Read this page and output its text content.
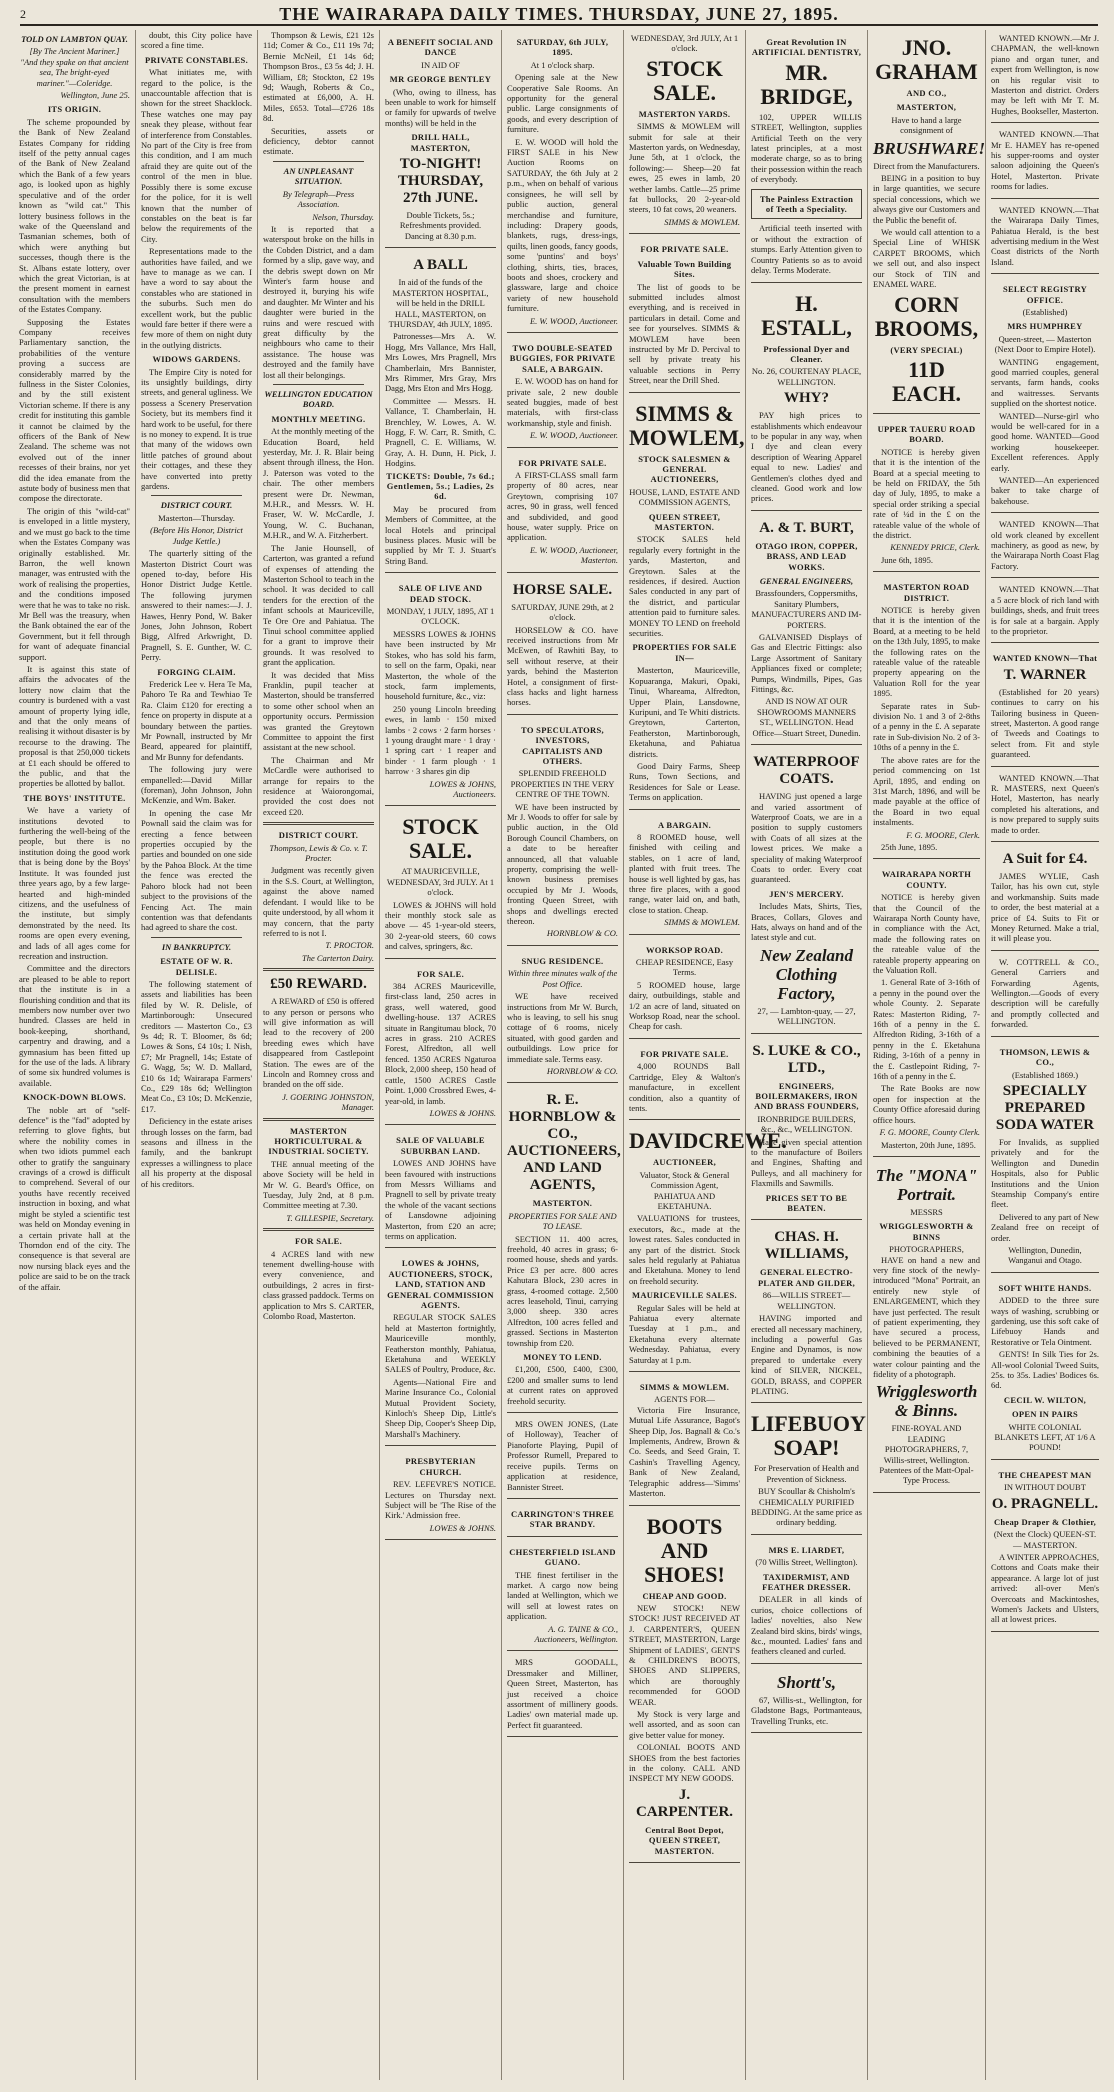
2	THE WAIRARAPA DAILY TIMES. THURSDAY, JUNE 27, 1895.
TOLD ON LAMBTON QUAY.
[By The Ancient Mariner.]

"And they spake on that ancient sea, The bright-eyed mariner."—Coleridge.

Wellington, June 25.

ITS ORIGIN.

The scheme propounded by the Bank of New Zealand Estates Company for ridding itself of the petty annual cages of the Bank of New Zealand which the Bank of a few years ago, is looked upon as highly speculative and of the order known as "wild cat." This lottery business follows in the wake of the Queensland and Tasmanian schemes, both of which were anything but successes, though there is the St. Albans estate lottery, over which the great Victorian, is at the present moment in earnest consultation with the members of the Estates Company.

Supposing the Estates Company receives Parliamentary sanction, the probabilities of the venture proving a success are considerably marred by the fullness in the Sister Colonies, and by the still existent Victorian scheme. If there is any credit for instituting this gamble it cannot be claimed by the officers of the Bank of New Zealand. The scheme was not evolved out of the inner recesses of their brains, nor yet did the idea emanate from the astute body of business men that compose the directorate.

The origin of this "wild-cat" is enveloped in a little mystery, and we must go back to the time when the Estates Company was originally established. Mr. Barron, the well known manager, was entrusted with the work of realising the properties, and the conditions imposed were that he was to take no risk. Mr Bell was the treasury, when the Bank obtained the ear of the Government, but it fell through for want of adequate financial support.

It is against this state of affairs the advocates of the lottery now claim that the country is burdened with a vast amount of property lying idle, and that the only means of realising it without disaster is by recourse to the drawing. The proposal is that 250,000 tickets at £1 each should be offered to the public, and that the properties be allotted by ballot.

THE BOYS' INSTITUTE.

We have a variety of institutions devoted to furthering the well-being of the people, but there is no institution doing the good work that is being done by the Boys' Institute. It was founded just three years ago, by a few large-hearted and high-minded citizens, and the usefulness of the institute, but simply demonstrated by the need. Its rooms are open every evening, and lads of all ages come for recreation and instruction.

Committee and the directors are pleased to be able to report that the institute is in a flourishing condition and that its members now number over two hundred. Classes are held in book-keeping, shorthand, carpentry and drawing, and a gymnasium has been fitted up for the use of the lads. A library of some six hundred volumes is available.

KNOCK-DOWN BLOWS.

The noble art of "self-defence" is the "fad" adopted by referring to glove fights, but where the nobility comes in when two idiots pummel each other to gratify the sanguinary cravings of a crowd is difficult to comprehend. Several of our youths have recently received instruction in boxing, and what might be styled a scientific test was held on Monday evening in a certain private hall at the Thorndon end of the city. The consequence is that several are now nursing black eyes and the police are said to be on the track of the affair.

doubt, this City police have scored a fine time.

PRIVATE CONSTABLES.

What initiates me, with regard to the police, is the unaccountable affection that is shown for the street Shacklock. These watches one may pay sneak they please, without fear of interference from Constables. No part of the City is free from this condition, and I am much afraid they are quite out of the control of the men in blue. Possibly there is some excuse for the police, for it is well known that the number of constables on the beat is far below the requirements of the City.

Representations made to the authorities have failed, and we have to manage as we can. I have a word to say about the constables who are stationed in the suburbs. Such men do excellent work, but the public would fare better if there were a few more of them on night duty in the outlying districts.

WIDOWS GARDENS.

The Empire City is noted for its unsightly buildings, dirty streets, and general ugliness. We possess a Scenery Preservation Society, but its members find it hard work to be useful, for there is no money to expend. It is true that many of the widows own little patches of ground about their cottages, and these they have converted into pretty gardens.

DISTRICT COURT.

Masterton—Thursday.

(Before His Honor, District Judge Kettle.)

The quarterly sitting of the Masterton District Court was opened to-day, before His Honor District Judge Kettle. The following jurymen answered to their names:—J. J. Hawes, Henry Pond, W. Baker Jones, John Johnson, Robert Bigg, Alfred Arkwright, D. Pragnell, S. E. Gunther, W. C. Perry.

FORGING CLAIM.

Frederick Lee v. Hera Te Ma, Pahoro Te Ra and Tewhiao Te Ra. Claim £120 for erecting a fence on property in dispute at a boundary between the parties. Mr Pownall, instructed by Mr Beard, appeared for plaintiff, and Mr Bunny for defendants.

The following jury were empanelled:—David Millar (foreman), John Johnson, John McKenzie, and Wm. Baker.

In opening the case Mr Pownall said the claim was for erecting a fence between properties occupied by the parties and bounded on one side by the Pahoa Block. At the time the fence was erected the Pahoro block had not been subject to the provisions of the Fencing Act. The main contention was that defendants had agreed to share the cost.

IN BANKRUPTCY.
ESTATE OF W. R. DELISLE.

The following statement of assets and liabilities has been filed by W. R. Delisle, of Martinborough: Unsecured creditors — Masterton Co., £3 9s 4d; R. T. Bloomer, 8s 6d; Lowes & Sons, £4 10s; I. Nish, £7; Mr Pragnell, 14s; Estate of G. Wagg, 5s; W. D. Mallard, £10 6s 1d; Wairarapa Farmers' Co., £29 18s 6d; Wellington Meat Co., £3 10s; D. McKenzie, £17.

Deficiency in the estate arises through losses on the farm, bad seasons and illness in the family, and the bankrupt expresses a willingness to place all his property at the disposal of his creditors.

Thompson & Lewis, £21 12s 11d; Comer & Co., £11 19s 7d; Bernie McNeil, £1 14s 6d; Thompson Bros., £3 5s 4d; J. H. William, £8; Stockton, £2 19s 9d; Waugh, Roberts & Co., estimated at £6,000, A. H. Miles, £653. Total—£726 18s 8d.

Securities, assets or deficiency, debtor cannot estimate.

AN UNPLEASANT SITUATION.

By Telegraph—Press Association.

Nelson, Thursday.

It is reported that a waterspout broke on the hills in the Cobden District, and a dam formed by a slip, gave way, and the debris swept down on Mr Winter's farm house and destroyed it, burying his wife and daughter. Mr Winter and his daughter were buried in the ruins and were rescued with great difficulty by the neighbours who came to their assistance. The house was destroyed and the family have lost all their belongings.

WELLINGTON EDUCATION BOARD.
MONTHLY MEETING.

At the monthly meeting of the Education Board, held yesterday, Mr. J. R. Blair being absent through illness, the Hon. J. Paterson was voted to the chair. The other members present were Dr. Newman, M.H.R., and Messrs. W. H. Fraser, W. W. McCardle, J. Young, W. C. Buchanan, M.H.R., and W. A. Fitzherbert.

The Janie Hounsell, of Carterton, was granted a refund of expenses of attending the Masterton School to teach in the school. It was decided to call tenders for the erection of the infant schools at Mauriceville, Te Ore Ore and Pahiatua. The Tinui school committee applied for a grant to improve their grounds. It was resolved to grant the application.

It was decided that Miss Franklin, pupil teacher at Masterton, should be transferred to some other school when an opportunity occurs. Permission was granted the Greytown Committee to appoint the first assistant at the new school.

The Chairman and Mr McCardle were authorised to arrange for repairs to the residence at Waiorongomai, provided the cost does not exceed £20.

DISTRICT COURT.

Thompson, Lewis & Co. v. T. Procter.

Judgment was recently given in the S.S. Court, at Wellington, against the above named defendant. I would like to be quite understood, by all whom it may concern, that the party referred to is not I.

T. PROCTOR.

The Carterton Dairy.

£50 REWARD.

A REWARD of £50 is offered to any person or persons who will give information as will lead to the recovery of 200 breeding ewes which have disappeared from Castlepoint Station. The ewes are of the Lincoln and Romney cross and branded on the off side.

J. GOERING JOHNSTON, Manager.

MASTERTON HORTICULTURAL & INDUSTRIAL SOCIETY.

THE annual meeting of the above Society will be held in Mr W. G. Beard's Office, on Tuesday, July 2nd, at 8 p.m. Committee meeting at 7.30.

T. GILLESPIE, Secretary.

FOR SALE.

4 ACRES land with new tenement dwelling-house with every convenience, and outbuildings, 2 acres in first-class grassed paddock. Terms on application to Mrs S. CARTER, Colombo Road, Masterton.

A BENEFIT SOCIAL AND DANCE
IN AID OF
MR GEORGE BENTLEY

(Who, owing to illness, has been unable to work for himself or family for upwards of twelve months) will be held in the

DRILL HALL, MASTERTON,
TO-NIGHT! THURSDAY, 27th JUNE.

Double Tickets, 5s.; Refreshments provided. Dancing at 8.30 p.m.

A BALL

In aid of the funds of the MASTERTON HOSPITAL, will be held in the DRILL HALL, MASTERTON, on THURSDAY, 4th JULY, 1895.

Patronesses—Mrs A. W. Hogg, Mrs Vallance, Mrs Hall, Mrs Lowes, Mrs Pragnell, Mrs Chamberlain, Mrs Bannister, Mrs Rimmer, Mrs Gray, Mrs Dagg, Mrs Eton and Mrs Hogg.

Committee — Messrs. H. Vallance, T. Chamberlain, H. Brenchley, W. Lowes, A. W. Hogg, F. W. Carr, R. Smith, C. Pragnell, C. E. Williams, W. Gray, A. H. Dunn, H. Pick, J. Hodgins.

TICKETS: Double, 7s 6d.; Gentlemen, 5s.; Ladies, 2s 6d.

May be procured from Members of Committee, at the local Hotels and principal business places. Music will be supplied by Mr T. J. Stuart's String Band.

SALE OF LIVE AND DEAD STOCK.

MONDAY, 1 JULY, 1895, AT 1 O'CLOCK.

MESSRS LOWES & JOHNS have been instructed by Mr Stokes, who has sold his farm, to sell on the farm, Opaki, near Masterton, the whole of the stock, farm implements, household furniture, &c., viz:

250 young Lincoln breeding ewes, in lamb · 150 mixed lambs · 2 cows · 2 farm horses · 1 young draught mare · 1 dray · 1 spring cart · 1 reaper and binder · 1 farm plough · 1 harrow · 3 shares gin dip

LOWES & JOHNS, Auctioneers.

STOCK SALE.

AT MAURICEVILLE, WEDNESDAY, 3rd JULY. At 1 o'clock.

LOWES & JOHNS will hold their monthly stock sale as above — 45 1-year-old steers, 30 2-year-old steers, 60 cows and calves, springers, &c.

FOR SALE.

384 ACRES Mauriceville, first-class land, 250 acres in grass, well watered, good dwelling-house. 137 ACRES situate in Rangitumau block, 70 acres in grass. 210 ACRES Forest, Alfredton, all well fenced. 1350 ACRES Ngaturoa Block, 2,000 sheep, 150 head of cattle, 1500 ACRES Castle Point. 1,000 Crossbred Ewes, 4-year-old, in lamb.

LOWES & JOHNS.

SALE OF VALUABLE SUBURBAN LAND.

LOWES AND JOHNS have been favoured with instructions from Messrs Williams and Pragnell to sell by private treaty the whole of the vacant sections of Lansdowne adjoining Masterton, from £20 an acre; terms on application.

LOWES & JOHNS, AUCTIONEERS, STOCK, LAND, STATION AND GENERAL COMMISSION AGENTS.

REGULAR STOCK SALES held at Masterton fortnightly, Mauriceville monthly, Featherston monthly, Pahiatua, Eketahuna and WEEKLY SALES of Poultry, Produce, &c.

Agents—National Fire and Marine Insurance Co., Colonial Mutual Provident Society, Kinloch's Sheep Dip, Little's Sheep Dip, Cooper's Sheep Dip, Marshall's Machinery.

PRESBYTERIAN CHURCH.

REV. LEFEVRE'S NOTICE. Lectures on Thursday next. Subject will be 'The Rise of the Kirk.' Admission free.

LOWES & JOHNS.

SATURDAY, 6th JULY, 1895.

At 1 o'clock sharp.

Opening sale at the New Cooperative Sale Rooms. An opportunity for the general public. Large consignments of goods, and every description of furniture.

E. W. WOOD will hold the FIRST SALE in his New Auction Rooms on SATURDAY, the 6th July at 2 p.m., when on behalf of various consignees, he will sell by public auction, general merchandise and furniture, including: Drapery goods, blankets, rugs, dress-ings, quilts, linen goods, fancy goods, some 'puntins' and boys' clothing, shirts, ties, braces, boots and shoes, crockery and glassware, large and choice variety of new household furniture.

E. W. WOOD, Auctioneer.

TWO DOUBLE-SEATED BUGGIES, FOR PRIVATE SALE, A BARGAIN.

E. W. WOOD has on hand for private sale, 2 new double seated buggies, made of best materials, with first-class workmanship, style and finish.

E. W. WOOD, Auctioneer.

FOR PRIVATE SALE.

A FIRST-CLASS small farm property of 80 acres, near Greytown, comprising 107 acres, 90 in grass, well fenced and subdivided, and good house, water supply. Price on application.

E. W. WOOD, Auctioneer, Masterton.

HORSE SALE.

SATURDAY, JUNE 29th, at 2 o'clock.

HORSELOW & CO. have received instructions from Mr McEwen, of Rawhiti Bay, to sell without reserve, at their yards, behind the Masterton Hotel, a consignment of first-class hacks and light harness horses.

TO SPECULATORS, INVESTORS, CAPITALISTS AND OTHERS.

SPLENDID FREEHOLD PROPERTIES IN THE VERY CENTRE OF THE TOWN.

WE have been instructed by Mr J. Woods to offer for sale by public auction, in the Old Borough Council Chambers, on a date to be hereafter announced, all that valuable property, comprising the well-known business premises occupied by Mr J. Woods, fronting Queen Street, with shops and dwellings erected thereon.

HORNBLOW & CO.

SNUG RESIDENCE.

Within three minutes walk of the Post Office.

WE have received instructions from Mr W. Burch, who is leaving, to sell his snug cottage of 6 rooms, nicely situated, with good garden and outbuildings. Low price for immediate sale. Terms easy.

HORNBLOW & CO.

R. E. HORNBLOW & CO., AUCTIONEERS, AND LAND AGENTS,
MASTERTON.

PROPERTIES FOR SALE AND TO LEASE.

SECTION 11. 400 acres, freehold, 40 acres in grass; 6-roomed house, sheds and yards. Price £3 per acre. 800 acres Kahutara Block, 230 acres in grass, 4-roomed cottage. 2,500 acres leasehold, Tinui, carrying 3,000 sheep. 330 acres Alfredton, 100 acres felled and grassed. Sections in Masterton township from £20.

MONEY TO LEND.

£1,200, £500, £400, £300, £200 and smaller sums to lend at current rates on approved freehold security.

MRS OWEN JONES, (Late of Holloway), Teacher of Pianoforte Playing, Pupil of Professor Rumell, Prepared to receive pupils. Terms on application at residence, Bannister Street.

CARRINGTON'S THREE STAR BRANDY.
CHESTERFIELD ISLAND GUANO.

THE finest fertiliser in the market. A cargo now being landed at Wellington, which we will sell at lowest rates on application.

A. G. TAINE & CO., Auctioneers, Wellington.

MRS GOODALL, Dressmaker and Milliner, Queen Street, Masterton, has just received a choice assortment of millinery goods. Ladies' own material made up. Perfect fit guaranteed.

WEDNESDAY, 3rd JULY, At 1 o'clock.

STOCK SALE.
MASTERTON YARDS.

SIMMS & MOWLEM will submit for sale at their Masterton yards, on Wednesday, June 5th, at 1 o'clock, the following:— Sheep—20 fat ewes, 25 ewes in lamb, 20 wether lambs. Cattle—25 prime fat bullocks, 20 2-year-old steers, 10 fat cows, 20 weaners.

SIMMS & MOWLEM.

FOR PRIVATE SALE.
Valuable Town Building Sites.

The list of goods to be submitted includes almost everything, and is received in particulars in detail. Come and see for yourselves. SIMMS & MOWLEM have been instructed by Mr D. Percival to sell by private treaty his valuable sections in Perry Street, near the Drill Shed.

SIMMS & MOWLEM,
STOCK SALESMEN & GENERAL AUCTIONEERS,
HOUSE, LAND, ESTATE AND COMMISSION AGENTS,
QUEEN STREET, MASTERTON.

STOCK SALES held regularly every fortnight in the yards, Masterton, and Greytown. Sales at the residences, if desired. Auction Sales conducted in any part of the district, and particular attention paid to furniture sales. MONEY TO LEND on freehold securities.

PROPERTIES FOR SALE IN—

Masterton, Mauriceville, Kopuaranga, Makuri, Opaki, Tinui, Whareama, Alfredton, Upper Plain, Lansdowne, Kuripuni, and Te Whiti districts. Greytown, Carterton, Featherston, Martinborough, Eketahuna, and Pahiatua districts.

Good Dairy Farms, Sheep Runs, Town Sections, and Residences for Sale or Lease. Terms on application.

A BARGAIN.

8 ROOMED house, well finished with ceiling and stables, on 1 acre of land, planted with fruit trees. The house is well lighted by gas, has three fire places, with a good range, water laid on, and bath, close to station. Cheap.

SIMMS & MOWLEM.

WORKSOP ROAD.

CHEAP RESIDENCE, Easy Terms.

5 ROOMED house, large dairy, outbuildings, stable and 1/2 an acre of land, situated on Worksop Road, near the school. Cheap for cash.

FOR PRIVATE SALE.

4,000 ROUNDS Ball Cartridge, Eley & Walton's manufacture, in excellent condition, also a quantity of tents.

DAVIDCREWE.
AUCTIONEER,

Valuator, Stock & General Commission Agent, PAHIATUA AND EKETAHUNA.

VALUATIONS for trustees, executors, &c., made at the lowest rates. Sales conducted in any part of the district. Stock sales held regularly at Pahiatua and Eketahuna. Money to lend on freehold security.

MAURICEVILLE SALES.

Regular Sales will be held at Pahiatua every alternate Tuesday at 1 p.m., and Eketahuna every alternate Wednesday. Pahiatua, every Saturday at 1 p.m.

SIMMS & MOWLEM.
AGENTS FOR—

Victoria Fire Insurance, Mutual Life Assurance, Bagot's Sheep Dip, Jos. Bagnall & Co.'s Implements, Andrew, Brown & Co. Seeds, and Seed Grain, T. Cashin's Travelling Agency, Bank of New Zealand, Telegraphic address—'Simms' Masterton.

BOOTS AND SHOES!
CHEAP AND GOOD.

NEW STOCK! NEW STOCK! JUST RECEIVED AT J. CARPENTER'S, QUEEN STREET, MASTERTON, Large Shipment of LADIES', GENT'S & CHILDREN'S BOOTS, SHOES AND SLIPPERS, which are thoroughly recommended for GOOD WEAR.

My Stock is very large and well assorted, and as soon can give better value for money.

COLONIAL BOOTS AND SHOES from the best factories in the colony. CALL AND INSPECT MY NEW GOODS.

J. CARPENTER.
Central Boot Depot, QUEEN STREET, MASTERTON.
Great Revolution IN ARTIFICIAL DENTISTRY,
MR. BRIDGE,

102, UPPER WILLIS STREET, Wellington, supplies Artificial Teeth on the very latest principles, at a most moderate charge, so as to bring their possession within the reach of everybody.

The Painless Extraction of Teeth a Speciality.

Artificial teeth inserted with or without the extraction of stumps. Early Attention given to Country Patients so as to avoid delay. Terms Moderate.

H. ESTALL,
Professional Dyer and Cleaner.

No. 26, COURTENAY PLACE, WELLINGTON.

WHY?

PAY high prices to establishments which endeavour to be popular in any way, when I dye and clean every description of Wearing Apparel equal to new. Ladies' and Gentlemen's clothes dyed and cleaned. Good work and low prices.

A. & T. BURT,
OTAGO IRON, COPPER, BRASS, AND LEAD WORKS.
GENERAL ENGINEERS,

Brassfounders, Coppersmiths, Sanitary Plumbers, MANUFACTURERS AND IM-PORTERS.

GALVANISED Displays of Gas and Electric Fittings: also Large Assortment of Sanitary Appliances fixed or complete; Pumps, Windmills, Pipes, Gas Fittings, &c.

AND IS NOW AT OUR SHOWROOMS MANNERS ST., WELLINGTON. Head Office—Stuart Street, Dunedin.

WATERPROOF COATS.

HAVING just opened a large and varied assortment of Waterproof Coats, we are in a position to supply customers with Coats of all sizes at the lowest prices. We make a speciality of making Waterproof Coats to order. Every coat guaranteed.

JEN'S MERCERY.

Includes Mats, Shirts, Ties, Braces, Collars, Gloves and Hats, always on hand and of the latest style and cut.

New Zealand Clothing Factory,

27, — Lambton-quay, — 27, WELLINGTON.

S. LUKE & CO., LTD.,
ENGINEERS, BOILERMAKERS, IRON AND BRASS FOUNDERS,

IRONBRIDGE BUILDERS, &c., &c., WELLINGTON.

Have given special attention to the manufacture of Boilers and Engines, Shafting and Pulleys, and all machinery for Flaxmills and Sawmills.

PRICES SET TO BE BEATEN.
CHAS. H. WILLIAMS,
GENERAL ELECTRO-PLATER AND GILDER,

86—WILLIS STREET—WELLINGTON.

HAVING imported and erected all necessary machinery, including a powerful Gas Engine and Dynamos, is now prepared to undertake every kind of SILVER, NICKEL, GOLD, BRASS, and COPPER PLATING.

LIFEBUOY SOAP!

For Preservation of Health and Prevention of Sickness.

BUY Scoullar & Chisholm's CHEMICALLY PURIFIED BEDDING. At the same price as ordinary bedding.

MRS E. LIARDET,

(70 Willis Street, Wellington).

TAXIDERMIST, AND FEATHER DRESSER.

DEALER in all kinds of curios, choice collections of ladies' novelties, also New Zealand bird skins, birds' wings, &c., mounted. Ladies' fans and feathers cleaned and curled.

Shortt's,

67, Willis-st., Wellington, for Gladstone Bags, Portmanteaus, Travelling Trunks, etc.

JNO. GRAHAM
AND CO.,
MASTERTON,

Have to hand a large consignment of

BRUSHWARE!

Direct from the Manufacturers.

BEING in a position to buy in large quantities, we secure special concessions, which we always give our Customers and the Public the benefit of.

We would call attention to a Special Line of WHISK CARPET BROOMS, which we sell out, and also inspect our Stock of TIN and ENAMEL WARE.

CORN BROOMS,
(VERY SPECIAL)
11D EACH.
UPPER TAUERU ROAD BOARD.

NOTICE is hereby given that it is the intention of the Board at a special meeting to be held on FRIDAY, the 5th day of July, 1895, to make a special order striking a special rate of ¼d in the £ on the rateable value of the whole of the district.

KENNEDY PRICE, Clerk.

June 6th, 1895.

MASTERTON ROAD DISTRICT.

NOTICE is hereby given that it is the intention of the Board, at a meeting to be held on the 13th July, 1895, to make the following rates on the rateable value of the rateable property appearing on the Valuation Roll for the year 1895.

Separate rates in Sub-division No. 1 and 3 of 2-8ths of a penny in the £. A separate rate in Sub-division No. 2 of 3-10ths of a penny in the £.

The above rates are for the period commencing on 1st April, 1895, and ending on 31st March, 1896, and will be made payable at the office of the Board in two equal instalments.

F. G. MOORE, Clerk.

25th June, 1895.

WAIRARAPA NORTH COUNTY.

NOTICE is hereby given that the Council of the Wairarapa North County have, in compliance with the Act, made the following rates on the rateable value of the rateable property appearing on the Valuation Roll.

1. General Rate of 3-16th of a penny in the pound over the whole County. 2. Separate Rates: Masterton Riding, 7-16th of a penny in the £. Alfredton Riding, 3-16th of a penny in the £. Eketahuna Riding, 3-16th of a penny in the £. Castlepoint Riding, 7-16th of a penny in the £.

The Rate Books are now open for inspection at the County Office aforesaid during office hours.

F. G. MOORE, County Clerk.

Masterton, 20th June, 1895.

The "MONA" Portrait.
MESSRS
WRIGGLESWORTH & BINNS
PHOTOGRAPHERS,

HAVE on hand a new and very fine stock of the newly-introduced "Mona" Portrait, an entirely new style of ENLARGEMENT, which they have just perfected. The result of patient experimenting, they have secured a process, believed to be PERMANENT, combining the beauties of a water colour painting and the fidelity of a photograph.

Wrigglesworth & Binns.

FINE-ROYAL AND LEADING PHOTOGRAPHERS, 7, Willis-street, Wellington. Patentees of the Matt-Opal-Type Process.

WANTED KNOWN.—Mr J. CHAPMAN, the well-known piano and organ tuner, and expert from Wellington, is now on his regular visit to Masterton and district. Orders may be left with Mr T. M. Hughes, Bookseller, Masterton.

WANTED KNOWN.—That Mr E. HAMEY has re-opened his supper-rooms and oyster saloon adjoining the Queen's Hotel, Masterton. Private rooms for ladies.

WANTED KNOWN.—That the Wairarapa Daily Times, Pahiatua Herald, is the best advertising medium in the West Coast districts of the North Island.

SELECT REGISTRY OFFICE.
(Established)
MRS HUMPHREY

Queen-street, — Masterton (Next Door to Empire Hotel).

WANTING engagement, good married couples, general servants, farm hands, cooks and waitresses. Servants supplied on the shortest notice.

WANTED—Nurse-girl who would be well-cared for in a good home. WANTED—Good working housekeeper. Excellent references. Apply early.

WANTED—An experienced baker to take charge of bakehouse.

WANTED KNOWN—That old work cleaned by excellent machinery, as good as new, by the Wairarapa North Coast Flag Factory.

WANTED KNOWN.—That a 5 acre block of rich land with buildings, sheds, and fruit trees is for sale at a bargain. Apply to the proprietor.

WANTED KNOWN—That
T. WARNER

(Established for 20 years) continues to carry on his Tailoring business in Queen-street, Masterton. A good range of Tweeds and Coatings to select from. Fit and style guaranteed.

WANTED KNOWN.—That R. MASTERS, next Queen's Hotel, Masterton, has nearly completed his alterations, and is now prepared to supply suits made to order.

A Suit for £4.

JAMES WYLIE, Cash Tailor, has his own cut, style and workmanship. Suits made to order, the best material at a price of £4. Suits to Fit or Money Returned. Make a trial, it will please you.

W. COTTRELL & CO., General Carriers and Forwarding Agents, Wellington.—Goods of every description will be carefully and promptly collected and forwarded.

THOMSON, LEWIS & CO.,
(Established 1869.)
SPECIALLY PREPARED SODA WATER

For Invalids, as supplied privately and for the Wellington and Dunedin Hospitals, also for Public Institutions and the Union Steamship Company's entire fleet.

Delivered to any part of New Zealand free on receipt of order.

Wellington, Dunedin, Wanganui and Otago.

SOFT WHITE HANDS.

ADDED to the three sure ways of washing, scrubbing or gardening, use this soft cake of Lifebuoy Hands and Restorative or Tela Ointment.

GENTS! In Silk Ties for 2s. All-wool Colonial Tweed Suits, 25s. to 35s. Ladies' Bodices 6s. 6d.

CECIL W. WILTON,
OPEN IN PAIRS

WHITE COLONIAL BLANKETS LEFT, AT 1/6 A POUND!

THE CHEAPEST MAN
IN WITHOUT DOUBT
O. PRAGNELL.
Cheap Draper & Clothier,

(Next the Clock) QUEEN-ST. — MASTERTON.

A WINTER APPROACHES, Cottons and Coats make their appearance. A large lot of just arrived: all-over Men's Overcoats and Mackintoshes, Women's Jackets and Ulsters, all at lowest prices.
